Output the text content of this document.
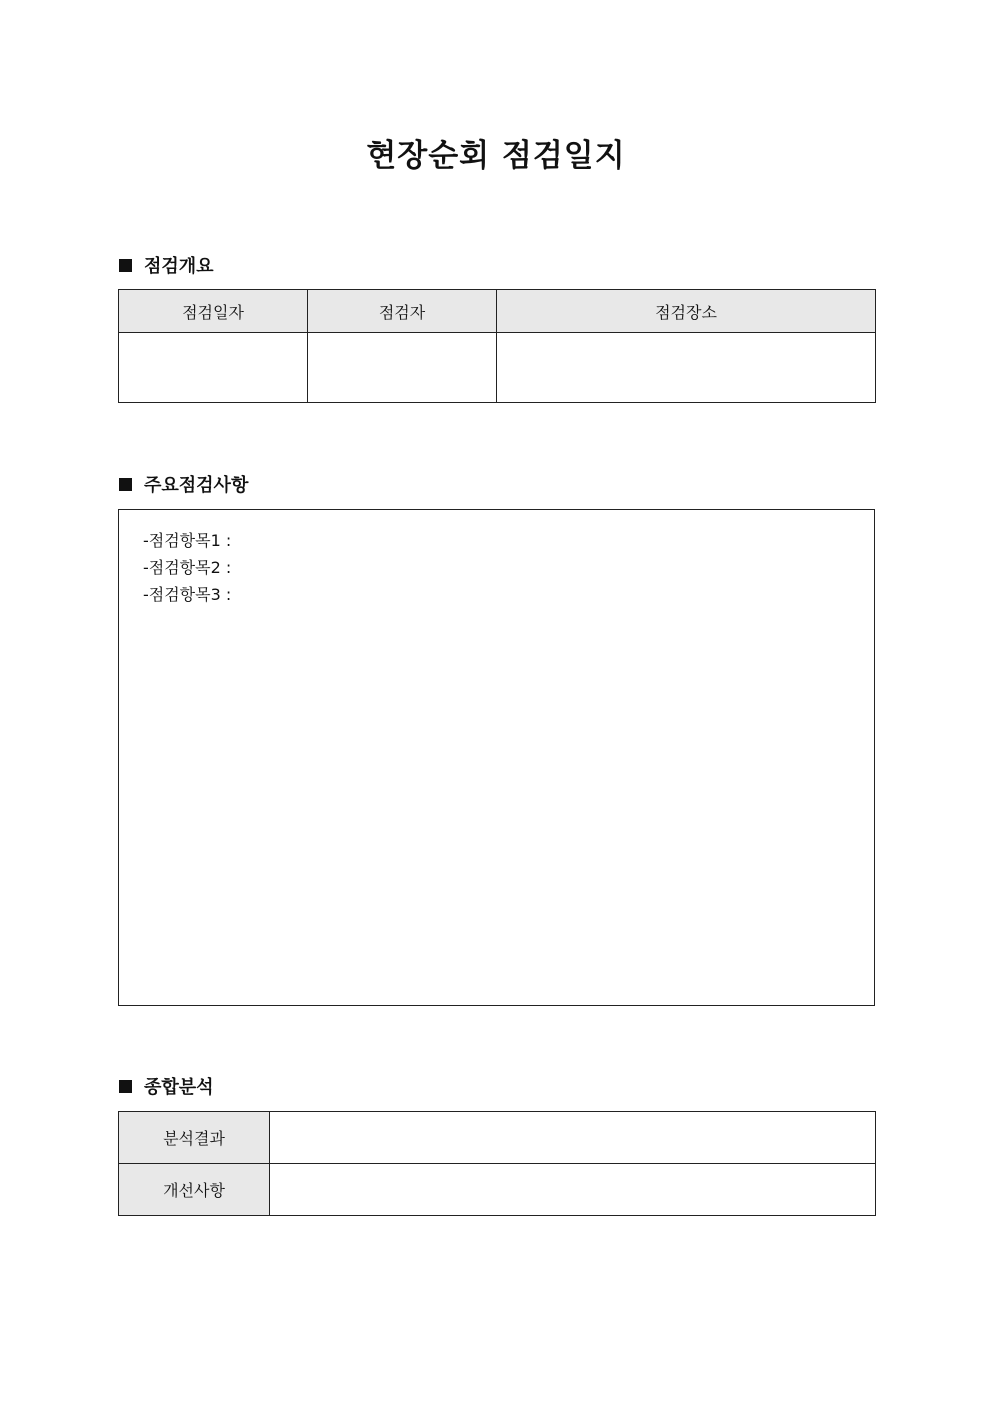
현장순회 점검일지
점검개요
점검일자	점검자	점검장소

주요점검사항
-점검항목1 :
-점검항목2 :
-점검항목3 :
종합분석
분석결과	
개선사항	
